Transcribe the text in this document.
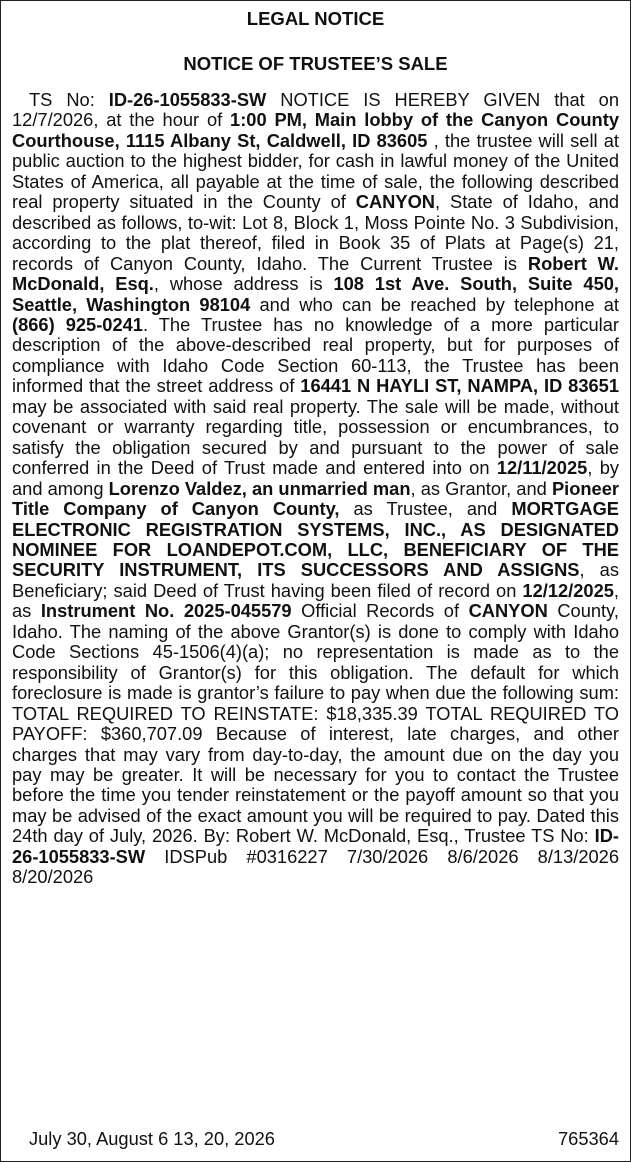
LEGAL NOTICE
NOTICE OF TRUSTEE’S SALE
TS No: ID-26-1055833-SW NOTICE IS HEREBY GIVEN that on 12/7/2026, at the hour of 1:00 PM, Main lobby of the Canyon County Courthouse, 1115 Albany St, Caldwell, ID 83605 , the trustee will sell at public auction to the highest bidder, for cash in lawful money of the United States of America, all payable at the time of sale, the following described real property situated in the County of CANYON, State of Idaho, and described as follows, to-wit: Lot 8, Block 1, Moss Pointe No. 3 Subdivision, according to the plat thereof, filed in Book 35 of Plats at Page(s) 21, records of Canyon County, Idaho. The Current Trustee is Robert W. McDonald, Esq., whose address is 108 1st Ave. South, Suite 450, Seattle, Washington 98104 and who can be reached by telephone at (866) 925-0241. The Trustee has no knowledge of a more particular description of the above-described real property, but for purposes of compliance with Idaho Code Section 60-113, the Trustee has been informed that the street address of 16441 N HAYLI ST, NAMPA, ID 83651 may be associated with said real property. The sale will be made, without covenant or warranty regarding title, possession or encumbrances, to satisfy the obligation secured by and pursuant to the power of sale conferred in the Deed of Trust made and entered into on 12/11/2025, by and among Lorenzo Valdez, an unmarried man, as Grantor, and Pioneer Title Company of Canyon County, as Trustee, and MORTGAGE ELECTRONIC REGISTRATION SYSTEMS, INC., AS DESIGNATED NOMINEE FOR LOANDEPOT.COM, LLC, BENEFICIARY OF THE SECURITY INSTRUMENT, ITS SUCCESSORS AND ASSIGNS, as Beneficiary; said Deed of Trust having been filed of record on 12/12/2025, as Instrument No. 2025-045579 Official Records of CANYON County, Idaho. The naming of the above Grantor(s) is done to comply with Idaho Code Sections 45-1506(4)(a); no representation is made as to the responsibility of Grantor(s) for this obligation. The default for which foreclosure is made is grantor’s failure to pay when due the following sum: TOTAL REQUIRED TO REINSTATE: $18,335.39 TOTAL REQUIRED TO PAYOFF: $360,707.09 Because of interest, late charges, and other charges that may vary from day-to-day, the amount due on the day you pay may be greater. It will be necessary for you to contact the Trustee before the time you tender reinstatement or the payoff amount so that you may be advised of the exact amount you will be required to pay. Dated this 24th day of July, 2026. By: Robert W. McDonald, Esq., Trustee TS No: ID-26-1055833-SW IDSPub #0316227 7/30/2026 8/6/2026 8/13/2026 8/20/2026
July 30, August 6 13, 20, 2026	765364
